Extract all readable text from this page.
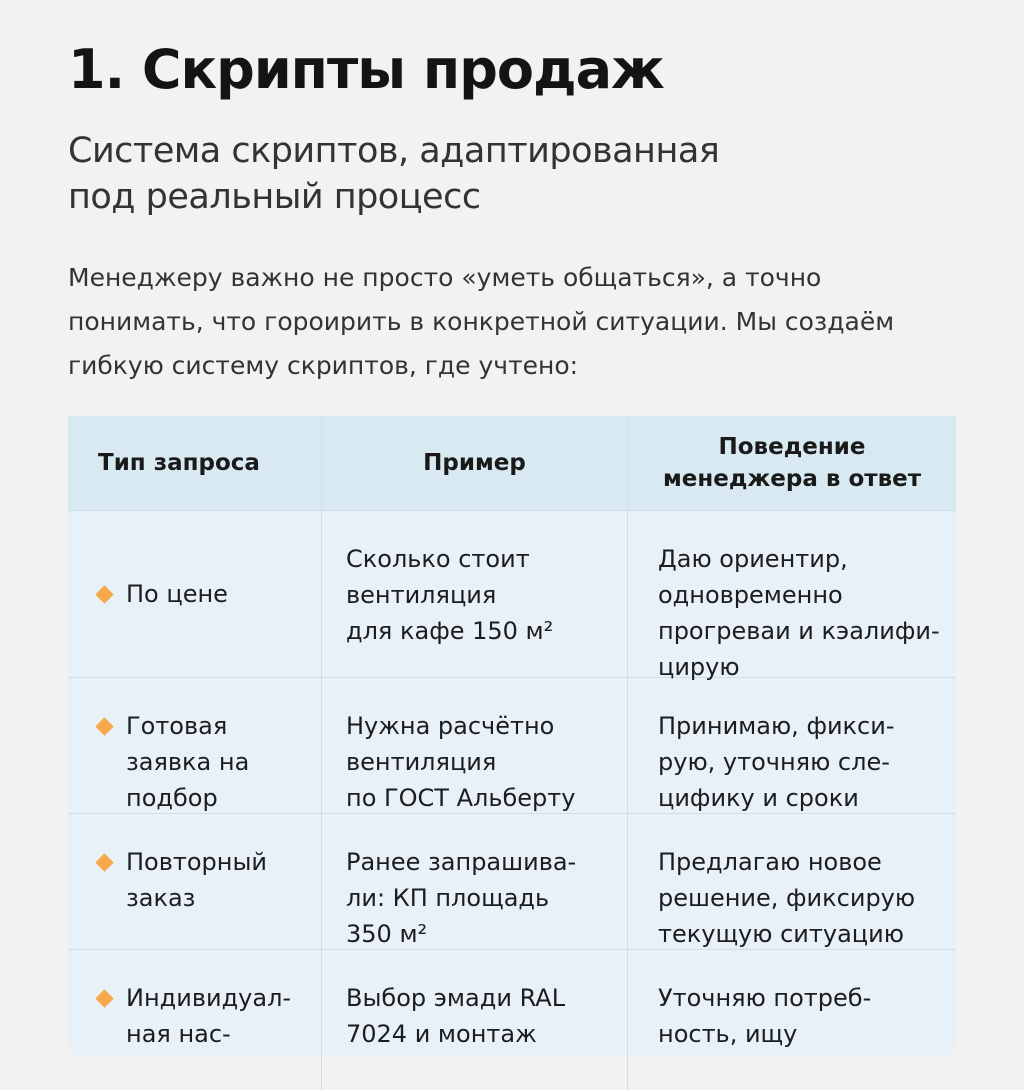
1. Скрипты продаж

Система скриптов, адаптированная
под реальный процесс

Менеджеру важно не просто «уметь общаться», а точно
понимать, что гороирить в конкретной ситуации. Мы создаём
гибкую систему скриптов, где учтено:

Тип запроса	Пример
Поведение
менеджера в ответ
По цене
Сколько стоит
вентиляция
для кафе 150 м²
Даю ориентир,
одновременно
прогреваи и кэалифи-
цирую
Готовая
заявка на
подбор
Нужна расчётно
вентиляция
по ГОСТ Альберту
Принимаю, фикси-
рую, уточняю сле-
цифику и сроки
Повторный
заказ
Ранее запрашива-
ли: КП площадь
350 м²
Предлагаю новое
решение, фиксирую
текущую ситуацию
Индивидуал-
ная нас-
Выбор эмади RAL
7024 и монтаж
Уточняю потреб-
ность, ищу
